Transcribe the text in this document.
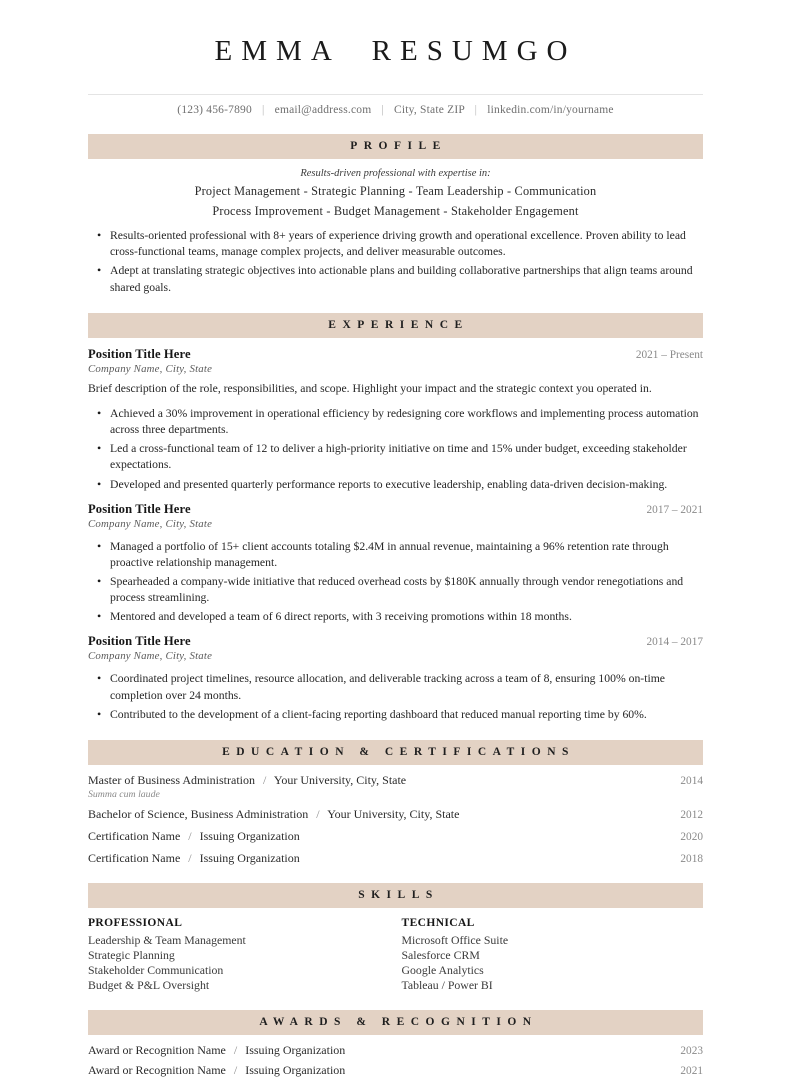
EMMA  RESUMGO
(123) 456-7890 | email@address.com | City, State ZIP | linkedin.com/in/yourname
PROFILE
Results-driven professional with expertise in:
Project Management - Strategic Planning - Team Leadership - Communication
Process Improvement - Budget Management - Stakeholder Engagement
• Results-oriented professional with 8+ years of experience driving growth and operational excellence. Proven ability to lead cross-functional teams, manage complex projects, and deliver measurable outcomes.
• Adept at translating strategic objectives into actionable plans and building collaborative partnerships that align teams around shared goals.
EXPERIENCE
Position Title Here	2021 – Present
Company Name, City, State
Brief description of the role, responsibilities, and scope. Highlight your impact and the strategic context you operated in.
• Achieved a 30% improvement in operational efficiency by redesigning core workflows and implementing process automation across three departments.
• Led a cross-functional team of 12 to deliver a high-priority initiative on time and 15% under budget, exceeding stakeholder expectations.
• Developed and presented quarterly performance reports to executive leadership, enabling data-driven decision-making.
Position Title Here	2017 – 2021
Company Name, City, State
• Managed a portfolio of 15+ client accounts totaling $2.4M in annual revenue, maintaining a 96% retention rate through proactive relationship management.
• Spearheaded a company-wide initiative that reduced overhead costs by $180K annually through vendor renegotiations and process streamlining.
• Mentored and developed a team of 6 direct reports, with 3 receiving promotions within 18 months.
Position Title Here	2014 – 2017
Company Name, City, State
• Coordinated project timelines, resource allocation, and deliverable tracking across a team of 8, ensuring 100% on-time completion over 24 months.
• Contributed to the development of a client-facing reporting dashboard that reduced manual reporting time by 60%.
EDUCATION & CERTIFICATIONS
Master of Business Administration / Your University, City, State	2014
Summa cum laude
Bachelor of Science, Business Administration / Your University, City, State	2012
Certification Name / Issuing Organization	2020
Certification Name / Issuing Organization	2018
SKILLS
PROFESSIONAL
Leadership & Team Management
Strategic Planning
Stakeholder Communication
Budget & P&L Oversight
TECHNICAL
Microsoft Office Suite
Salesforce CRM
Google Analytics
Tableau / Power BI
AWARDS & RECOGNITION
Award or Recognition Name / Issuing Organization	2023
Award or Recognition Name / Issuing Organization	2021
